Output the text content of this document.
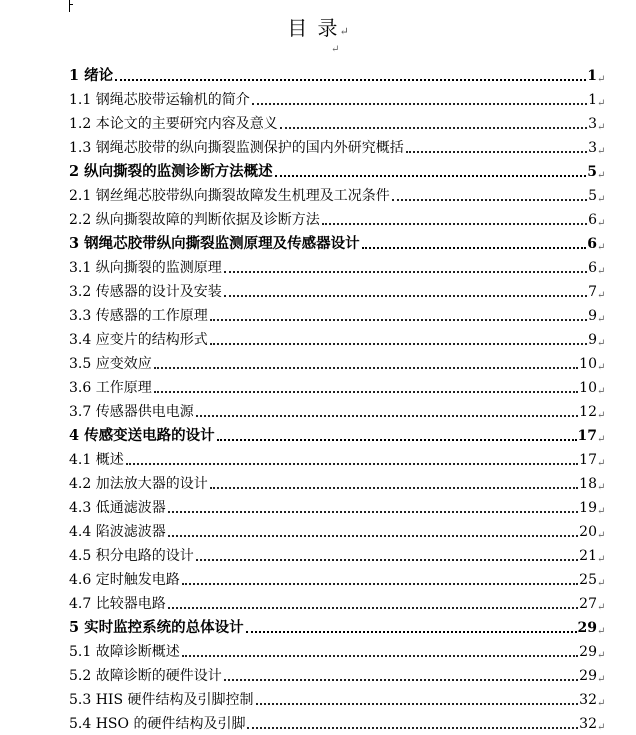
目 录↵
↵
1 绪论	1 ↵
1.1 钢绳芯胶带运输机的简介	1 ↵
1.2 本论文的主要研究内容及意义	3 ↵
1.3 钢绳芯胶带的纵向撕裂监测保护的国内外研究概括	3 ↵
2 纵向撕裂的监测诊断方法概述	5 ↵
2.1 钢丝绳芯胶带纵向撕裂故障发生机理及工况条件	5 ↵
2.2 纵向撕裂故障的判断依据及诊断方法	6 ↵
3 钢绳芯胶带纵向撕裂监测原理及传感器设计	6 ↵
3.1 纵向撕裂的监测原理	6 ↵
3.2 传感器的设计及安装	7 ↵
3.3 传感器的工作原理	9 ↵
3.4 应变片的结构形式	9 ↵
3.5 应变效应	10 ↵
3.6 工作原理	10 ↵
3.7 传感器供电电源	12 ↵
4 传感变送电路的设计	17 ↵
4.1 概述	17 ↵
4.2 加法放大器的设计	18 ↵
4.3 低通滤波器	19 ↵
4.4 陷波滤波器	20 ↵
4.5 积分电路的设计	21 ↵
4.6 定时触发电路	25 ↵
4.7 比较器电路	27 ↵
5 实时监控系统的总体设计	29 ↵
5.1 故障诊断概述	29 ↵
5.2 故障诊断的硬件设计	29 ↵
5.3 HIS 硬件结构及引脚控制	32 ↵
5.4 HSO 的硬件结构及引脚	32 ↵
